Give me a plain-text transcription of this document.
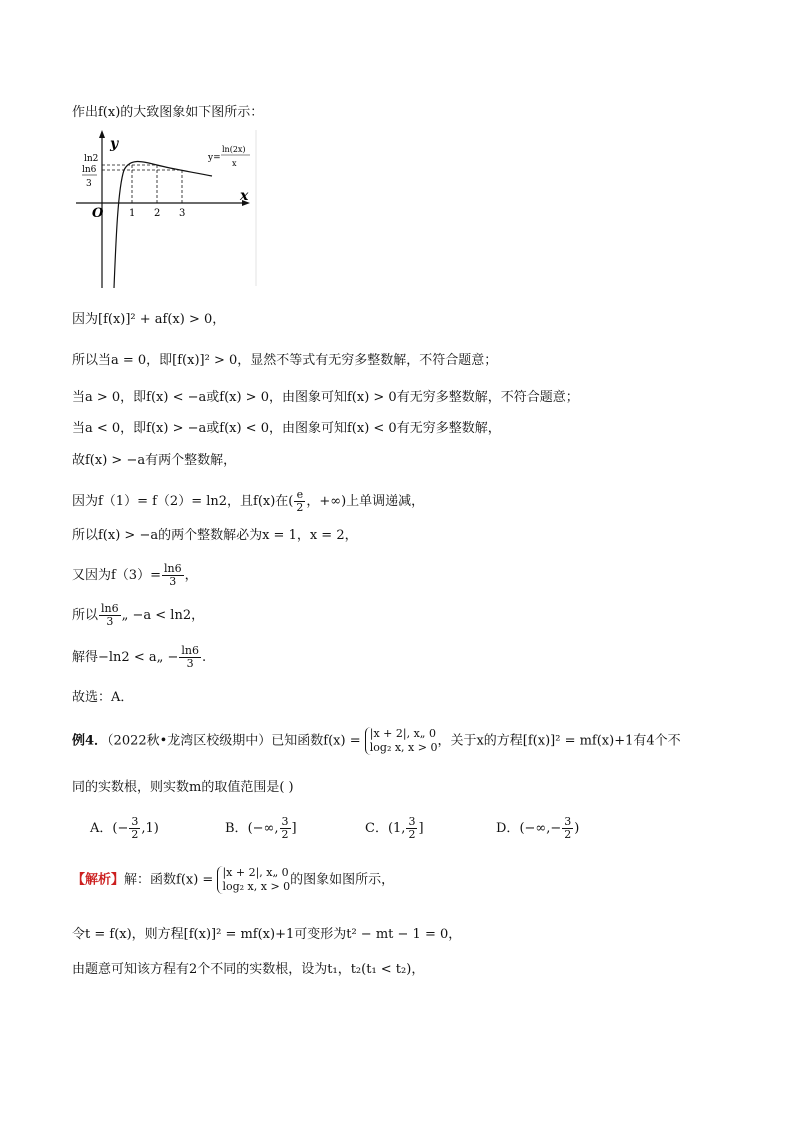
作出f(x)的大致图象如下图所示：
y
x
O
ln2
ln6
3
1 2 3
y=
ln(2x)
x
因为[f(x)]² + af(x) > 0，
所以当a = 0，即[f(x)]² > 0，显然不等式有无穷多整数解，不符合题意；
当a > 0，即f(x) < −a或f(x) > 0，由图象可知f(x) > 0有无穷多整数解，不符合题意；
当a < 0，即f(x) > −a或f(x) < 0，由图象可知f(x) < 0有无穷多整数解，
故f(x) > −a有两个整数解，
因为f（1）= f（2）= ln2，且f(x)在( $\frac{e}{2}$ ，+∞)上单调递减，
所以f(x) > −a的两个整数解必为x = 1，x = 2，
又因为$f(3)= \frac{\ln 6}{3}$ ，
所以 $\frac{\ln 6}{3}$ „ −a < ln2，
解得−ln2 < a„ − $\frac{\ln 6}{3}$ .
故选：A．
例4．（2022秋•龙湾区校级期中）已知函数f(x) = |x + 2|, x„ 0
log₂ x, x > 0 ，关于x的方程[f(x)]² = mf(x)+1有4个不
同的实数根，则实数m的取值范围是( )
A．(− $\frac{3}{2} ,1$)	B．(−∞, $\frac{3}{2}$ ]	C．(1, $\frac{3}{2}$ ]	D．(−∞,− $\frac{3}{2}$ )
【解析】解：函数f(x) = |x + 2|, x„ 0
log₂ x, x > 0 的图象如图所示，
令t = f(x)，则方程[f(x)]² = mf(x)+1可变形为t² − mt − 1 = 0，
由题意可知该方程有2个不同的实数根，设为t₁，t₂(t₁ < t₂)，
